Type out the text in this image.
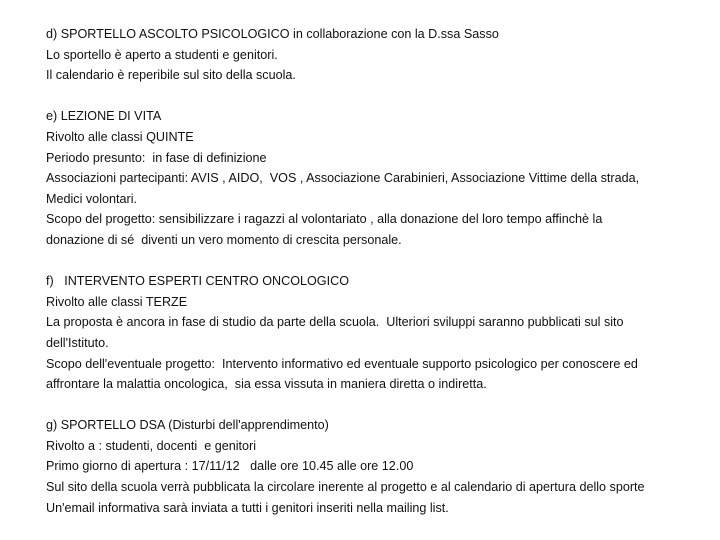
d) SPORTELLO ASCOLTO PSICOLOGICO in collaborazione con la D.ssa Sasso
Lo sportello è aperto a studenti e genitori.
Il calendario è reperibile sul sito della scuola.
e) LEZIONE DI VITA
Rivolto alle classi QUINTE
Periodo presunto:  in fase di definizione
Associazioni partecipanti: AVIS , AIDO,  VOS , Associazione Carabinieri, Associazione Vittime della strada,
Medici volontari.
Scopo del progetto: sensibilizzare i ragazzi al volontariato , alla donazione del loro tempo affinchè la
donazione di sé  diventi un vero momento di crescita personale.
f)   INTERVENTO ESPERTI CENTRO ONCOLOGICO
Rivolto alle classi TERZE
La proposta è ancora in fase di studio da parte della scuola.  Ulteriori sviluppi saranno pubblicati sul sito
dell'Istituto.
Scopo dell'eventuale progetto:  Intervento informativo ed eventuale supporto psicologico per conoscere ed
affrontare la malattia oncologica,  sia essa vissuta in maniera diretta o indiretta.
g) SPORTELLO DSA (Disturbi dell'apprendimento)
Rivolto a : studenti, docenti  e genitori
Primo giorno di apertura : 17/11/12   dalle ore 10.45 alle ore 12.00
Sul sito della scuola verrà pubblicata la circolare inerente al progetto e al calendario di apertura dello sporte
Un'email informativa sarà inviata a tutti i genitori inseriti nella mailing list.
